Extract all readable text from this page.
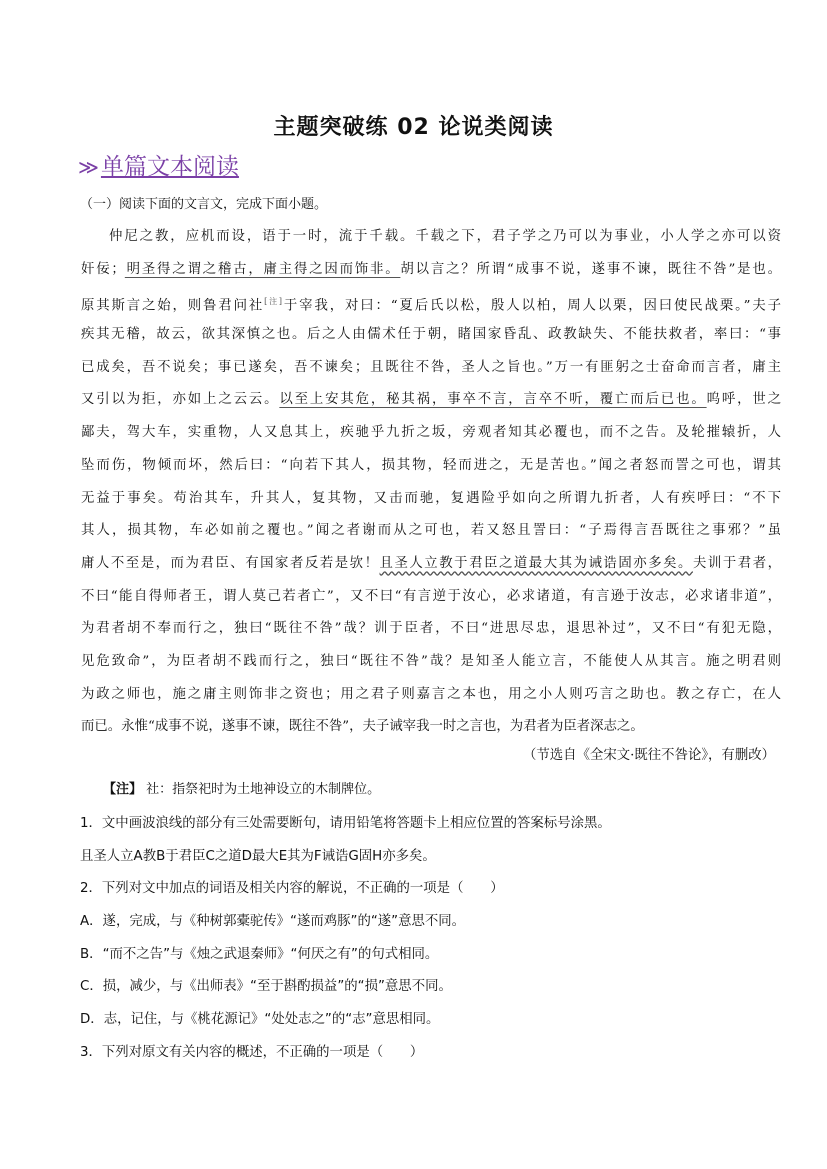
主题突破练 02 论说类阅读
≫单篇文本阅读
（一）阅读下面的文言文，完成下面小题。
仲尼之教，应机而设，语于一时，流于千载。千载之下，君子学之乃可以为事业，小人学之亦可以资
奸佞；明圣得之谓之稽古，庸主得之因而饰非。胡以言之？所谓“成事不说，遂事不谏，既往不咎”是也。
原其斯言之始，则鲁君问社[注]于宰我，对曰：“夏后氏以松，殷人以柏，周人以栗，因曰使民战栗。”夫子
疾其无稽，故云，欲其深慎之也。后之人由儒术任于朝，睹国家昏乱、政教缺失、不能扶救者，率曰：“事
已成矣，吾不说矣；事已遂矣，吾不谏矣；且既往不咎，圣人之旨也。”万一有匪躬之士奋命而言者，庸主
又引以为拒，亦如上之云云。以至上安其危，秘其祸，事卒不言，言卒不听，覆亡而后已也。呜呼，世之
鄙夫，驾大车，实重物，人又息其上，疾驰乎九折之坂，旁观者知其必覆也，而不之告。及轮摧辕折，人
坠而伤，物倾而坏，然后曰：“向若下其人，损其物，轻而进之，无是苦也。”闻之者怒而詈之可也，谓其
无益于事矣。苟治其车，升其人，复其物，又击而驰，复遇险乎如向之所谓九折者，人有疾呼曰：“不下
其人，损其物，车必如前之覆也。”闻之者谢而从之可也，若又怒且詈曰：“子焉得言吾既往之事邪？”虽
庸人不至是，而为君臣、有国家者反若是欤！且圣人立教于君臣之道最大其为诫诰固亦多矣。夫训于君者，
不曰“能自得师者王，谓人莫己若者亡”，又不曰“有言逆于汝心，必求诸道，有言逊于汝志，必求诸非道”，
为君者胡不奉而行之，独曰“既往不咎”哉？训于臣者，不曰“进思尽忠，退思补过”，又不曰“有犯无隐，
见危致命”，为臣者胡不践而行之，独曰“既往不咎”哉？是知圣人能立言，不能使人从其言。施之明君则
为政之师也，施之庸主则饰非之资也；用之君子则嘉言之本也，用之小人则巧言之助也。教之存亡，在人
而已。永惟“成事不说，遂事不谏，既往不咎”，夫子诫宰我一时之言也，为君者为臣者深志之。
（节选自《全宋文·既往不咎论》，有删改）
【注】 社：指祭祀时为土地神设立的木制牌位。
1．文中画波浪线的部分有三处需要断句，请用铅笔将答题卡上相应位置的答案标号涂黑。
且圣人立A教B于君臣C之道D最大E其为F诫诰G固H亦多矣。
2．下列对文中加点的词语及相关内容的解说，不正确的一项是（　　）
A．遂，完成，与《种树郭橐驼传》“遂而鸡豚”的“遂”意思不同。
B．“而不之告”与《烛之武退秦师》“何厌之有”的句式相同。
C．损，减少，与《出师表》“至于斟酌损益”的“损”意思不同。
D．志，记住，与《桃花源记》“处处志之”的“志”意思相同。
3．下列对原文有关内容的概述，不正确的一项是（　　）
